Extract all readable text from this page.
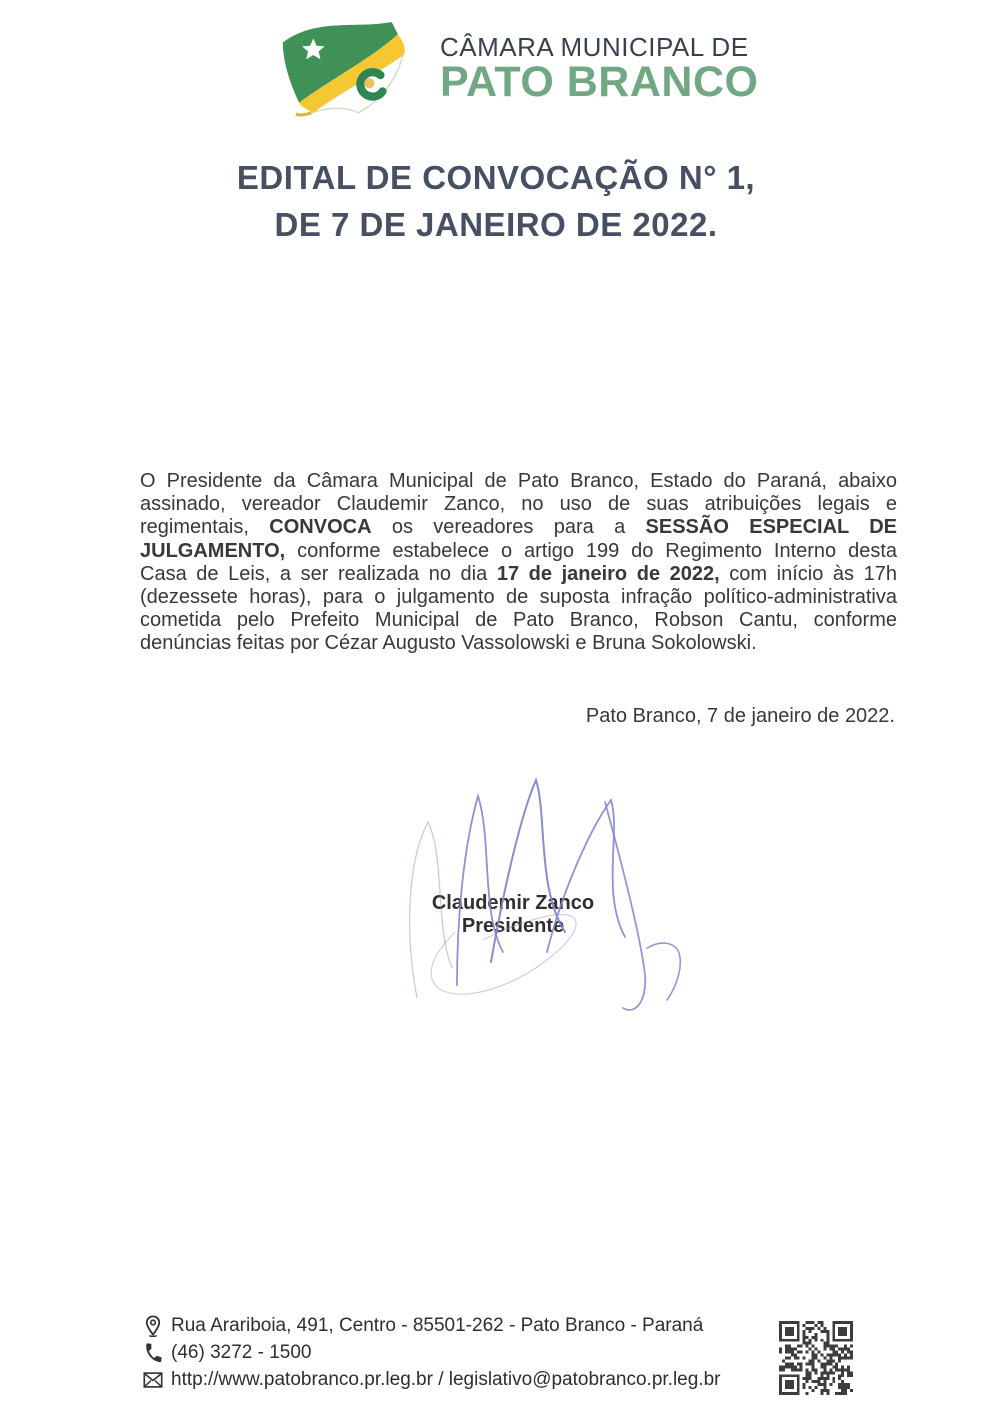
CÂMARA MUNICIPAL DE
PATO BRANCO
EDITAL DE CONVOCAÇÃO N° 1,
DE 7 DE JANEIRO DE 2022.
O Presidente da Câmara Municipal de Pato Branco, Estado do Paraná, abaixo
assinado, vereador Claudemir Zanco, no uso de suas atribuições legais e
regimentais, CONVOCA os vereadores para a SESSÃO ESPECIAL DE
JULGAMENTO, conforme estabelece o artigo 199 do Regimento Interno desta
Casa de Leis, a ser realizada no dia 17 de janeiro de 2022, com início às 17h
(dezessete horas), para o julgamento de suposta infração político-administrativa
cometida pelo Prefeito Municipal de Pato Branco, Robson Cantu, conforme
denúncias feitas por Cézar Augusto Vassolowski e Bruna Sokolowski.
Pato Branco, 7 de janeiro de 2022.
Claudemir Zanco
Presidente
Rua Arariboia, 491, Centro - 85501-262 - Pato Branco - Paraná
(46) 3272 - 1500
http://www.patobranco.pr.leg.br / legislativo@patobranco.pr.leg.br
